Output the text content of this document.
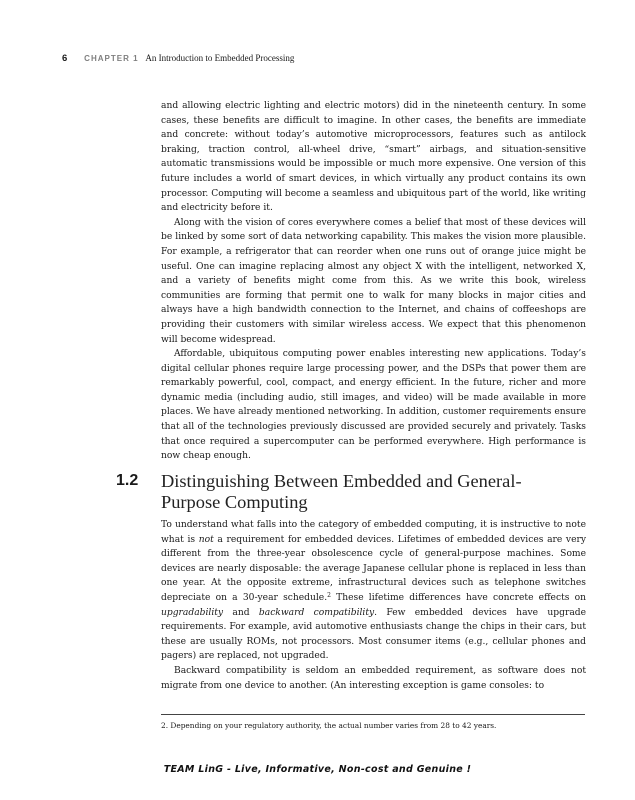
6 CHAPTER 1 An Introduction to Embedded Processing

and allowing electric lighting and electric motors) did in the nineteenth century. In some cases, these benefits are difficult to imagine. In other cases, the benefits are immediate and concrete: without today’s automotive microprocessors, features such as antilock braking, traction control, all-wheel drive, “smart” airbags, and situation-sensitive automatic transmissions would be impossible or much more expensive. One version of this future includes a world of smart devices, in which virtually any product contains its own processor. Computing will become a seamless and ubiquitous part of the world, like writing and electricity before it.

Along with the vision of cores everywhere comes a belief that most of these devices will be linked by some sort of data networking capability. This makes the vision more plausible. For example, a refrigerator that can reorder when one runs out of orange juice might be useful. One can imagine replacing almost any object X with the intelligent, networked X, and a variety of benefits might come from this. As we write this book, wireless communities are forming that permit one to walk for many blocks in major cities and always have a high bandwidth connection to the Internet, and chains of coffeeshops are providing their customers with similar wireless access. We expect that this phenomenon will become widespread.

Affordable, ubiquitous computing power enables interesting new applications. Today’s digital cellular phones require large processing power, and the DSPs that power them are remarkably powerful, cool, compact, and energy efficient. In the future, richer and more dynamic media (including audio, still images, and video) will be made available in more places. We have already mentioned networking. In addition, customer requirements ensure that all of the technologies previously discussed are provided securely and privately. Tasks that once required a supercomputer can be performed everywhere. High performance is now cheap enough.

1.2 Distinguishing Between Embedded and General-Purpose Computing

To understand what falls into the category of embedded computing, it is instructive to note what is not a requirement for embedded devices. Lifetimes of embedded devices are very different from the three-year obsolescence cycle of general-purpose machines. Some devices are nearly disposable: the average Japanese cellular phone is replaced in less than one year. At the opposite extreme, infrastructural devices such as telephone switches depreciate on a 30-year schedule.$^2$ These lifetime differences have concrete effects on upgradability and backward compatibility. Few embedded devices have upgrade requirements. For example, avid automotive enthusiasts change the chips in their cars, but these are usually ROMs, not processors. Most consumer items (e.g., cellular phones and pagers) are replaced, not upgraded.

Backward compatibility is seldom an embedded requirement, as software does not migrate from one device to another. (An interesting exception is game consoles: to

2. Depending on your regulatory authority, the actual number varies from 28 to 42 years.
TEAM LinG - Live, Informative, Non-cost and Genuine !
